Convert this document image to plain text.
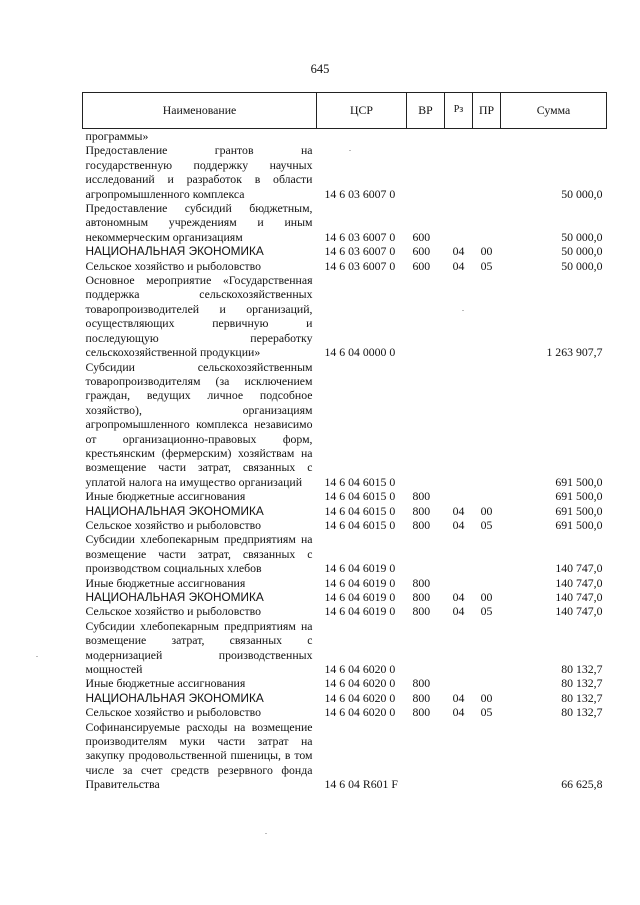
645
Наименование	ЦСР	ВР	Рз	ПР	Сумма
программы»					
Предоставление грантов на государственную поддержку научных исследований и разработок в области агропромышленного комплекса	14 6 03 6007 0				50 000,0
Предоставление субсидий бюджетным, автономным учреждениям и иным некоммерческим организациям	14 6 03 6007 0	600			50 000,0
НАЦИОНАЛЬНАЯ ЭКОНОМИКА	14 6 03 6007 0	600	04	00	50 000,0
Сельское хозяйство и рыболовство	14 6 03 6007 0	600	04	05	50 000,0
Основное мероприятие «Государственная поддержка сельскохозяйственных товаропроизводителей и организаций, осуществляющих первичную и последующую переработку сельскохозяйственной продукции»	14 6 04 0000 0				1 263 907,7
Субсидии сельскохозяйственным товаропроизводителям (за исключением граждан, ведущих личное подсобное хозяйство), организациям агропромышленного комплекса независимо от организационно-правовых форм, крестьянским (фермерским) хозяйствам на возмещение части затрат, связанных с уплатой налога на имущество организаций	14 6 04 6015 0				691 500,0
Иные бюджетные ассигнования	14 6 04 6015 0	800			691 500,0
НАЦИОНАЛЬНАЯ ЭКОНОМИКА	14 6 04 6015 0	800	04	00	691 500,0
Сельское хозяйство и рыболовство	14 6 04 6015 0	800	04	05	691 500,0
Субсидии хлебопекарным предприятиям на возмещение части затрат, связанных с производством социальных хлебов	14 6 04 6019 0				140 747,0
Иные бюджетные ассигнования	14 6 04 6019 0	800			140 747,0
НАЦИОНАЛЬНАЯ ЭКОНОМИКА	14 6 04 6019 0	800	04	00	140 747,0
Сельское хозяйство и рыболовство	14 6 04 6019 0	800	04	05	140 747,0
Субсидии хлебопекарным предприятиям на возмещение затрат, связанных с модернизацией производственных мощностей	14 6 04 6020 0				80 132,7
Иные бюджетные ассигнования	14 6 04 6020 0	800			80 132,7
НАЦИОНАЛЬНАЯ ЭКОНОМИКА	14 6 04 6020 0	800	04	00	80 132,7
Сельское хозяйство и рыболовство	14 6 04 6020 0	800	04	05	80 132,7
Софинансируемые расходы на возмещение производителям муки части затрат на закупку продовольственной пшеницы, в том числе за счет средств резервного фонда Правительства	14 6 04 R601 F				66 625,8
